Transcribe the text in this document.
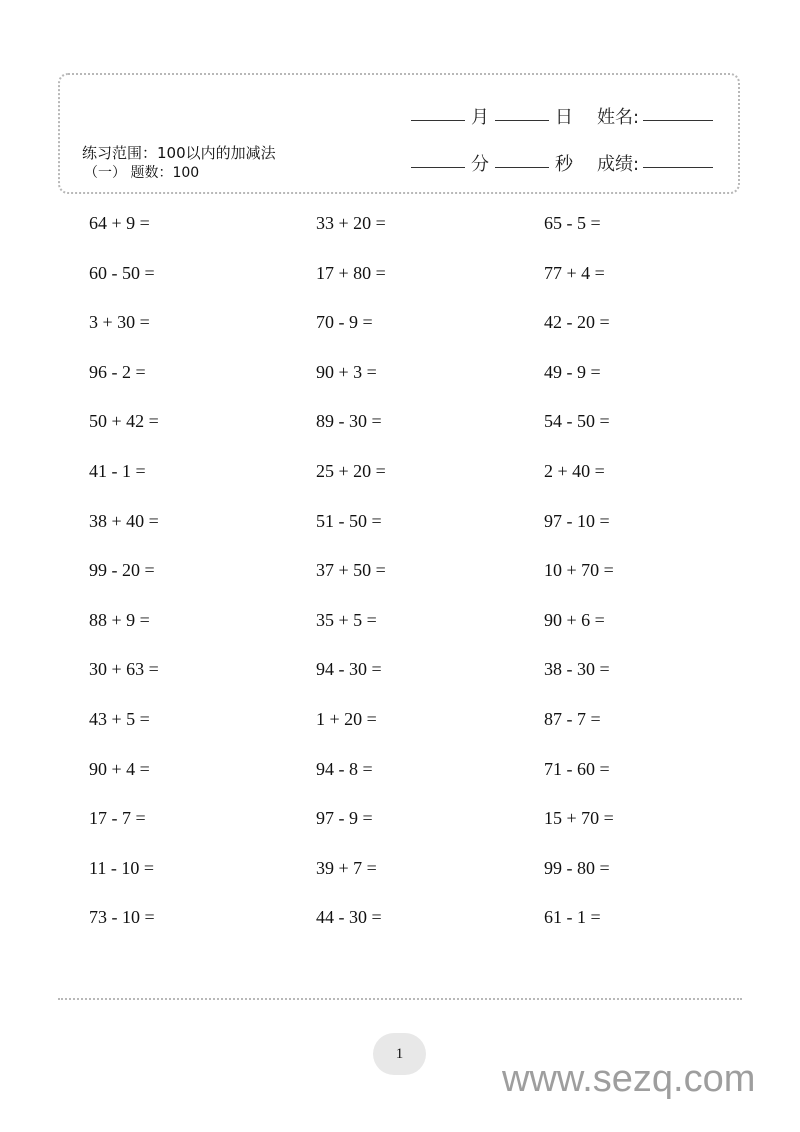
练习范围：100以内的加减法
（一） 题数：100
月	日 姓名:
分	秒 成绩:
64 + 9 =	33 + 20 =	65 - 5 =
60 - 50 =	17 + 80 =	77 + 4 =
3 + 30 =	70 - 9 =	42 - 20 =
96 - 2 =	90 + 3 =	49 - 9 =
50 + 42 =	89 - 30 =	54 - 50 =
41 - 1 =	25 + 20 =	2 + 40 =
38 + 40 =	51 - 50 =	97 - 10 =
99 - 20 =	37 + 50 =	10 + 70 =
88 + 9 =	35 + 5 =	90 + 6 =
30 + 63 =	94 - 30 =	38 - 30 =
43 + 5 =	1 + 20 =	87 - 7 =
90 + 4 =	94 - 8 =	71 - 60 =
17 - 7 =	97 - 9 =	15 + 70 =
11 - 10 =	39 + 7 =	99 - 80 =
73 - 10 =	44 - 30 =	61 - 1 =
1
www.sezq.com
